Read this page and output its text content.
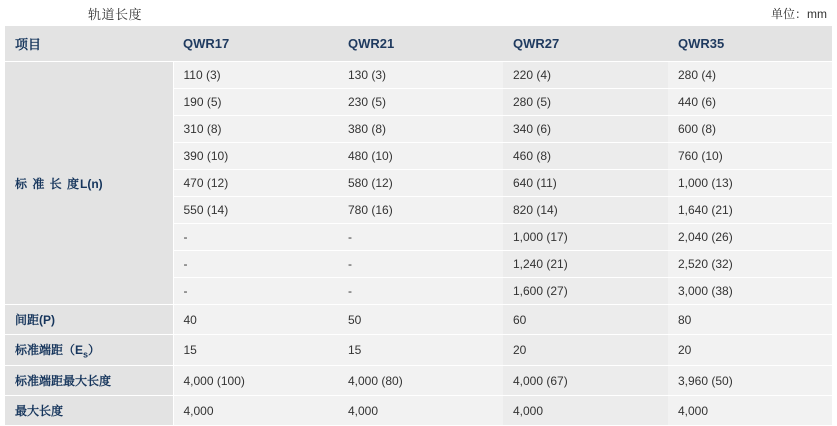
轨道长度	单位：mm
项目	QWR17	QWR21	QWR27	QWR35
标 准 长 度L(n)	110 (3)	130 (3)	220 (4)	280 (4)
	190 (5)	230 (5)	280 (5)	440 (6)
	310 (8)	380 (8)	340 (6)	600 (8)
	390 (10)	480 (10)	460 (8)	760 (10)
	470 (12)	580 (12)	640 (11)	1,000 (13)
	550 (14)	780 (16)	820 (14)	1,640 (21)
	-	-	1,000 (17)	2,040 (26)
	-	-	1,240 (21)	2,520 (32)
	-	-	1,600 (27)	3,000 (38)
间距(P)	40	50	60	80
标准端距$(E_s)$	15	15	20	20
标准端距最大长度	4,000 (100)	4,000 (80)	4,000 (67)	3,960 (50)
最大长度	4,000	4,000	4,000	4,000
